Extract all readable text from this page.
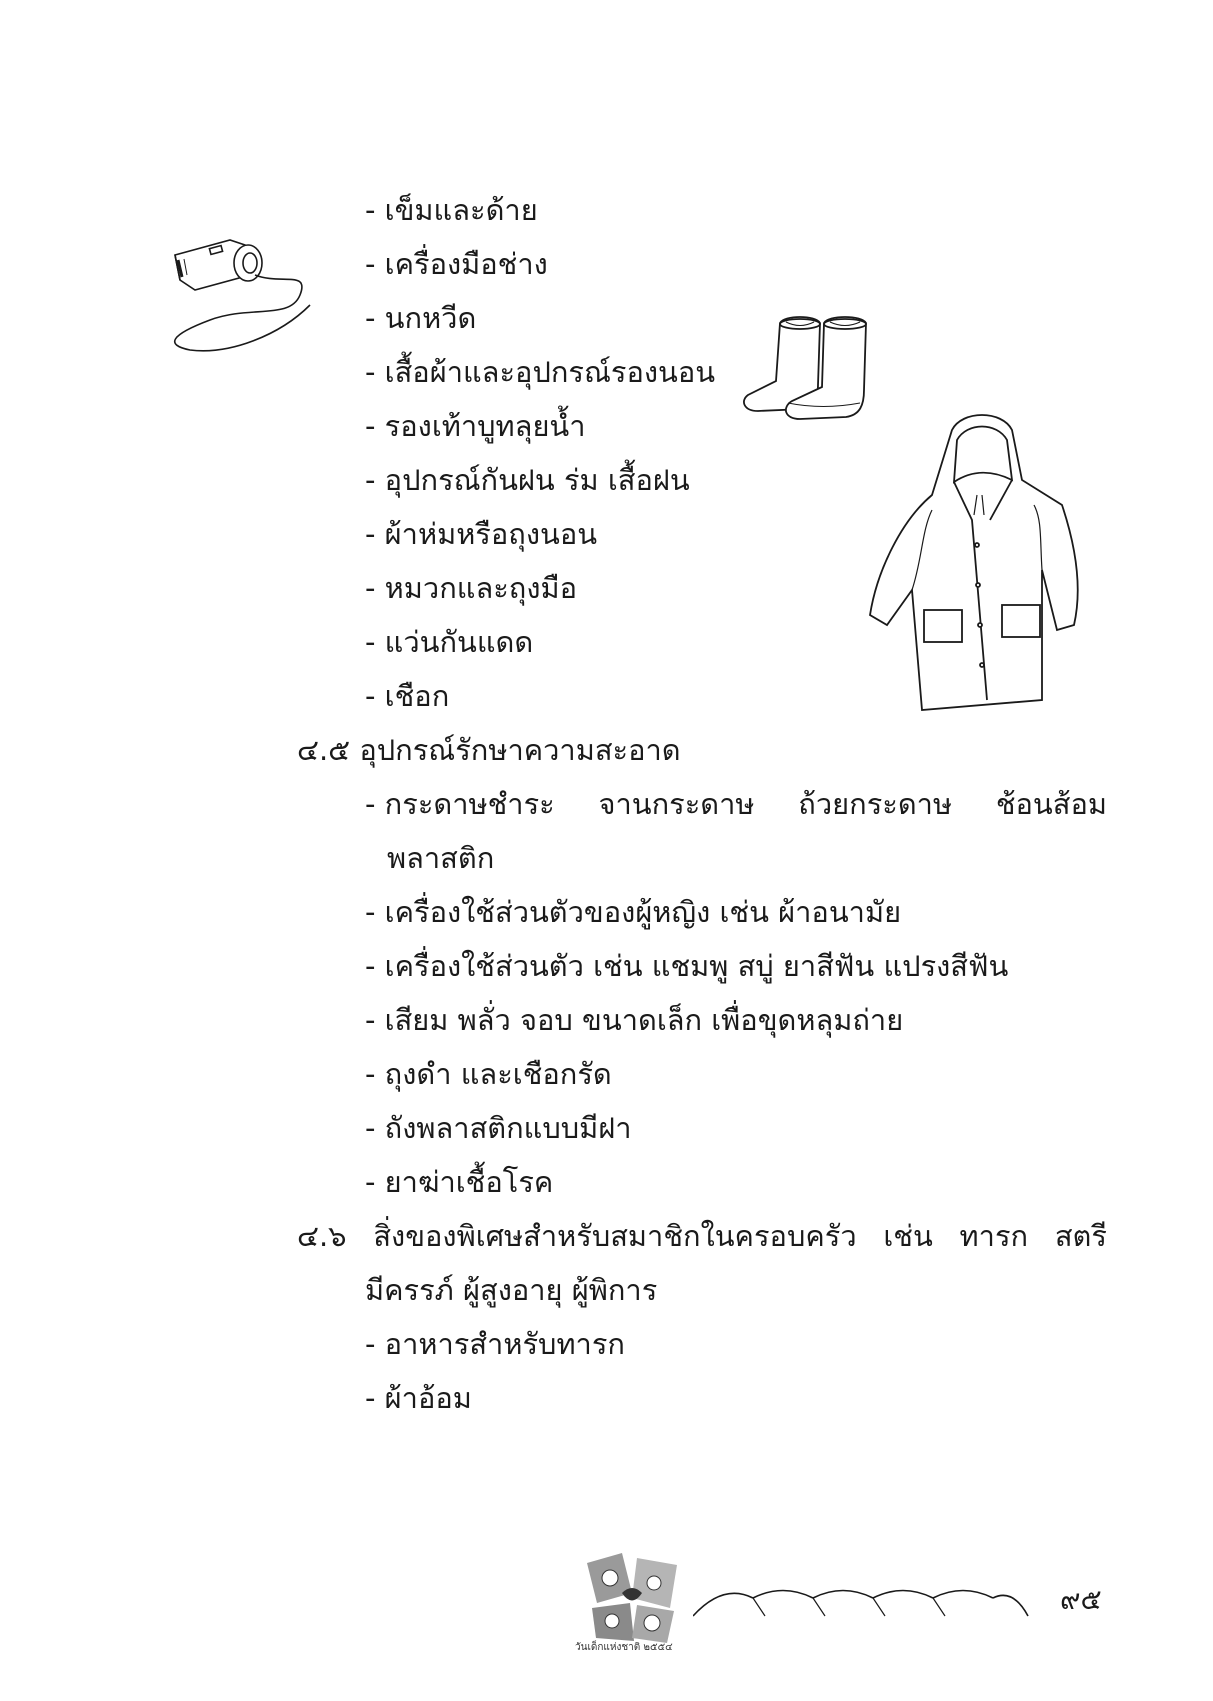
- เข็มและด้าย
- เครื่องมือช่าง
- นกหวีด
- เสื้อผ้าและอุปกรณ์รองนอน
- รองเท้าบูทลุยน้ำ
- อุปกรณ์กันฝน ร่ม เสื้อฝน
- ผ้าห่มหรือถุงนอน
- หมวกและถุงมือ
- แว่นกันแดด
- เชือก
๔.๕ อุปกรณ์รักษาความสะอาด
- กระดาษชำระ จานกระดาษ ถ้วยกระดาษ ช้อนส้อม
พลาสติก
- เครื่องใช้ส่วนตัวของผู้หญิง เช่น ผ้าอนามัย
- เครื่องใช้ส่วนตัว เช่น แชมพู สบู่ ยาสีฟัน แปรงสีฟัน
- เสียม พลั่ว จอบ ขนาดเล็ก เพื่อขุดหลุมถ่าย
- ถุงดำ และเชือกรัด
- ถังพลาสติกแบบมีฝา
- ยาฆ่าเชื้อโรค
๔.๖ สิ่งของพิเศษสำหรับสมาชิกในครอบครัว เช่น ทารก สตรี
มีครรภ์ ผู้สูงอายุ ผู้พิการ
- อาหารสำหรับทารก
- ผ้าอ้อม
วันเด็กแห่งชาติ ๒๕๕๔
๙๕
